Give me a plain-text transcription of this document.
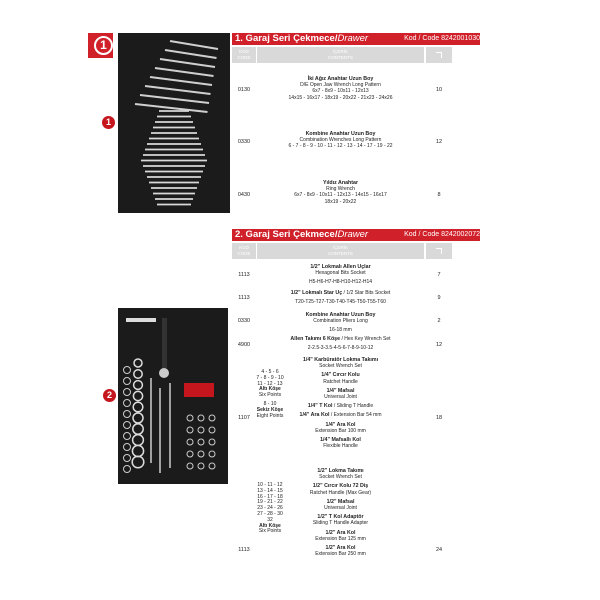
1
1
2
1. Garaj Seri Çekmece/Drawer	Kod / Code 8242001030
KOD
CODE
İÇERİK
CONTENTS
0130	10
İki Ağız Anahtar Uzun Boy
D/E Open Jaw Wrench Long Pattern
6x7 - 8x9 - 10x11 - 12x13
14x15 - 16x17 - 18x19 - 20x22 - 21x23 - 24x26
0330	12
Kombine Anahtar Uzun Boy
Combination Wrenches Long Pattern
6 - 7 - 8 - 9 - 10 - 11 - 12 - 13 - 14 - 17 - 19 - 22
0430	8
Yıldız Anahtar
Ring Wrench
6x7 - 8x9 - 10x11 - 12x13 - 14x15 - 16x17
18x19 - 20x22
2. Garaj Seri Çekmece/Drawer	Kod / Code 8242002072
KOD
CODE
İÇERİK
CONTENTS
1113	7
1/2" Lokmalı Allen Uçlar
Hexagonal Bits Socket
H5-H6-H7-H8-H10-H12-H14
1113	9
1/2" Lokmalı Star Uç / 1/2 Star Bits Socket
T20-T25-T27-T30-T40-T45-T50-T55-T60
0330	2
Kombine Anahtar Uzun Boy
Combination Pliers Long
16-18 mm
4900	12
Allen Takımı 6 Köşe / Hex Key Wrench Set
2-2.5-3-3.5-4-5-6-7-8-9-10-12
1107	18
4 - 5 - 6
7 - 8 - 9 - 10
11 - 12 - 13
Altı Köşe
Six Points
8 - 10
Sekiz Köşe
Eight Points
1/4" Karbüratör Lokma Takımı
Socket Wrench Set
1/4" Cırcır Kolu
Ratchet Handle
1/4" Mafsal
Universal Joint
1/4" T Kol / Sliding T Handle
1/4" Ara Kol / Extension Bar 54 mm
1/4" Ara Kol
Extension Bar 100 mm
1/4" Mafsallı Kol
Flexible Handle
1113	24
10 - 11 - 12
13 - 14 - 15
16 - 17 - 18
19 - 21 - 22
23 - 24 - 26
27 - 28 - 30
32
Altı Köşe
Six Points
1/2" Lokma Takımı
Socket Wrench Set
1/2" Cırcır Kolu 72 Diş
Ratchet Handle (Max Gear)
1/2" Mafsal
Universal Joint
1/2" T Kol Adaptör
Sliding T Handle Adapter
1/2" Ara Kol
Extension Bar 125 mm
1/2" Ara Kol
Extension Bar 250 mm
